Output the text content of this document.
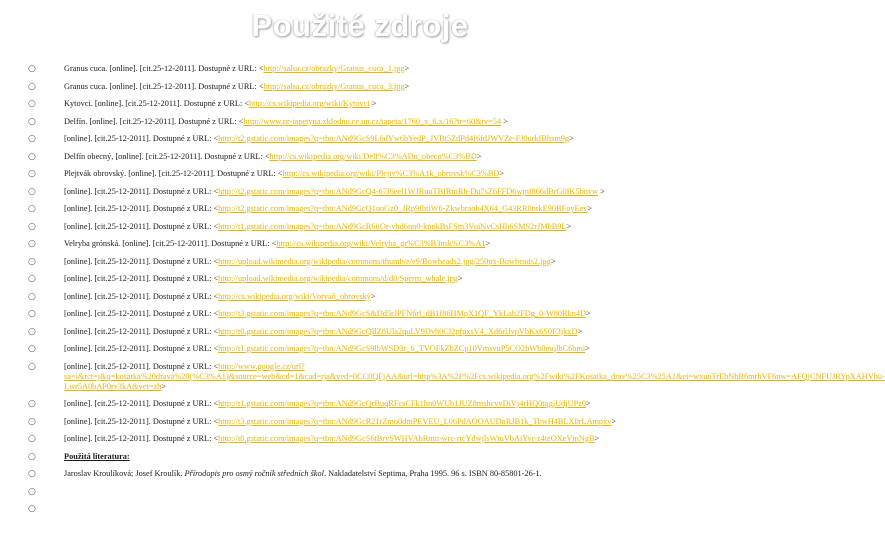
Použité zdroje
○	Granus cuca. [online]. [cit.25-12-2011]. Dostupné z URL: <http://salsa.cz/obrazky/Granus_cuca_1.jpg>
○	Granus cuca. [online]. [cit.25-12-2011]. Dostupné z URL: <http://salsa.cz/obrazky/Granus_cuca_3.jpg>
○	Kytovci. [online]. [cit.25-12-2011]. Dostupné z URL: <http://cs.wikipedia.org/wiki/Kytovci >
○	Delfín. [online]. [cit.25-12-2011]. Dostupné z URL: <http://www.pr-tapetyna.xklodno.ce.un.cz/tapeta/1760_x_6.x/16?tr=60&tv=54 >
○	[online]. [cit.25-12-2011]. Dostupné z URL: <http://t2.gstatic.com/images?q=tbn:ANd9GcS9L6dYw6hYedP_JVBt5ZdPd4f6fdJWVZe-FJ0urkfBhsm9g>
○	Delfín obecný, [online]. [cit.25-12-2011]. Dostupné z URL: <http://cs.wikipedia.org/wiki/Delf%C3%ADn_obecn%C3%BD>
○	Plejtvák obrovský. [online]. [cit.25-12-2011]. Dostupné z URL: <http://cs.wikipedia.org/wiki/Plejtv%C3%A1k_obrovsk%C3%BD>
○	[online]. [cit.25-12-2011]. Dostupné z URL: <http://t2.gstatic.com/images?q=tbn:ANd9GcQ4-67f6eel1WJRuuTBIRmRh-Du7sZ6FFD6wjnf866dBrG0IK5bnvw >
○	[online]. [cit.25-12-2011]. Dostupné z URL: <http://t2.gstatic.com/images?q=tbn:ANd9GcQ1uoGz0_JRp9fhtiW6-Zkwbraoh4X64_G43RR0nrkE90BFoyEev>
○	[online]. [cit.25-12-2011]. Dostupné z URL: <http://t1.gstatic.com/images?q=tbn:ANd9GcR6iiOr-vhd6nn0-kpnkBsFSm3VuiNvCsHh6SMS2rJMhB9L>
○	Velryba grónská. [online]. [cit.25-12-2011]. Dostupné z URL: <http://cs.wikipedia.org/wiki/Velryba_gr%C3%B3nsk%C3%A1>
○	[online]. [cit.25-12-2011]. Dostupné z URL: <http://upload.wikimedia.org/wikipedia/commons/thumb/e/e9/Bowheads2.jpg/250px-Bowheads2.jpg>
○	[online]. [cit.25-12-2011]. Dostupné z URL: <http://upload.wikimedia.org/wikipedia/commons/d/d0/Sperm_whale.jpg>
○	[online]. [cit.25-12-2011]. Dostupné z URL: <http://cs.wikipedia.org/wiki/Vorvaň_obrovský>
○	[online]. [cit.25-12-2011]. Dostupné z URL: <http://t3.gstatic.com/images?q=tbn:ANd9GcS&Dd5rJPFN6rl_dB1f86HMpX1QF_YkLab2FDg_0-W80Rkn4D>
○	[online]. [cit.25-12-2011]. Dostupné z URL: <http://t0.gstatic.com/images?q=tbn:ANd9GcQIlZ8Ula2quLV9Dvh0Cl2pfpxsV4_Xd6rlJvpVbKx6S0F3jkxD>
○	[online]. [cit.25-12-2011]. Dostupné z URL: <http://t1.gstatic.com/images?q=tbn:ANd9GcS9lbWSD3r_6_TVOFkZbZCp10VmsvuP5CO2bWb0mqlbC6bmi>
○	[online]. [cit.25-12-2011]. Dostupné z URL: <http://www.google.cz/url?sa=i&rct=j&q=kosatka%20dravá%20(%C3%A1)&source=web&cd=1&cad=rja&ved=0CC0QFjAA&url=http%3A%2F%2Fcs.wikipedia.org%2Fwiki%2FKosatka_drav%25C3%25A1&ei=wxunTrEbNhB6mrhVF6nw=AFQjCNFUJRYpXAHVhu-Lwr5A0bAP0rv3kA&vet=zh>
○	[online]. [cit.25-12-2011]. Dostupné z URL: <http://t1.gstatic.com/images?q=tbn:ANd9GcQrBuqRFcsCFk1hn0WUb1JUZ8mshcvvDiVj4rHQ0tqgjUdjUPz0>
○	[online]. [cit.25-12-2011]. Dostupné z URL: <http://t3.gstatic.com/images?q=tbn:ANd9GcR21rZmo0dmPEVEU_L06PdAOOAUDnRJB1k_TbwH4BLX0rLAmpxv>
○	[online]. [cit.25-12-2011]. Dostupné z URL: <http://t0.gstatic.com/images?q=tbn:ANd9GcS6tBrvSWHVAbRmn-wrc-rtcYdwjlsWtuVbAiYvr-z4teOXeVmNgB>
○	Použitá literatura:
○	Jaroslav Kroulíková; Josef Kroulík. Přírodopis pro osmý ročník středních škol. Nakladatelství Septima, Praha 1995. 96 s. ISBN 80-85801-26-1.
○
○
